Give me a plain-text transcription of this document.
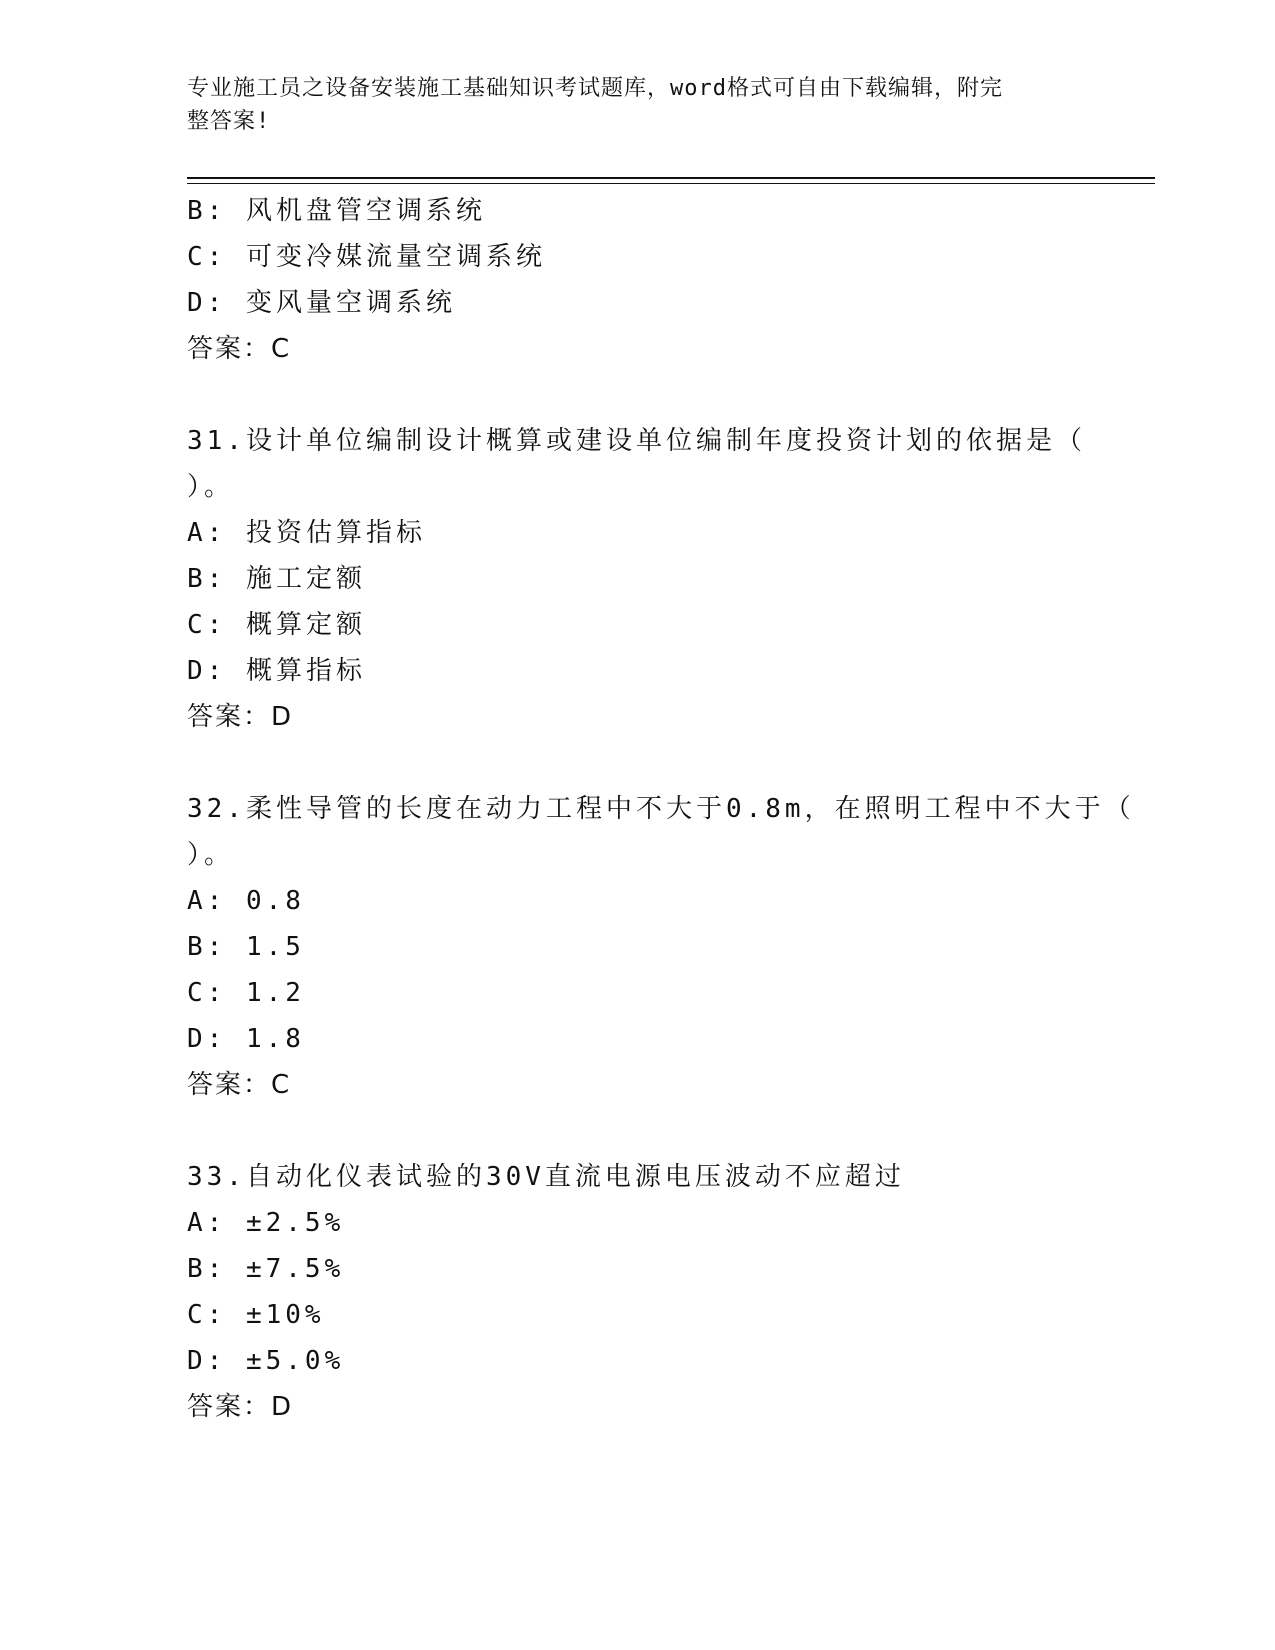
专业施工员之设备安装施工基础知识考试题库，word格式可自由下载编辑，附完
整答案!
B: 风机盘管空调系统
C: 可变冷媒流量空调系统
D: 变风量空调系统
答案：C
31.设计单位编制设计概算或建设单位编制年度投资计划的依据是（
）。
A: 投资估算指标
B: 施工定额
C: 概算定额
D: 概算指标
答案：D
32.柔性导管的长度在动力工程中不大于0.8m，在照明工程中不大于（
）。
A: 0.8
B: 1.5
C: 1.2
D: 1.8
答案：C
33.自动化仪表试验的30V直流电源电压波动不应超过
A: ±2.5%
B: ±7.5%
C: ±10%
D: ±5.0%
答案：D
